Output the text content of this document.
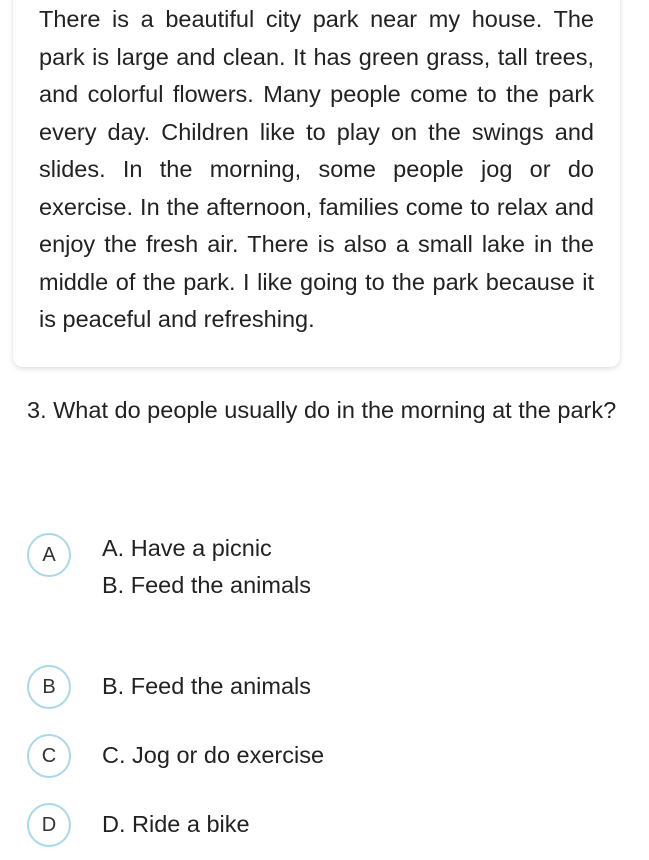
There is a beautiful city park near my house. The park is large and clean. It has green grass, tall trees, and colorful flowers. Many people come to the park every day. Children like to play on the swings and slides. In the morning, some people jog or do exercise. In the afternoon, families come to relax and enjoy the fresh air. There is also a small lake in the middle of the park. I like going to the park because it is peaceful and refreshing.

3. What do people usually do in the morning at the park?

A	A. Have a picnic
B. Feed the animals
B	B. Feed the animals
C	C. Jog or do exercise
D	D. Ride a bike
